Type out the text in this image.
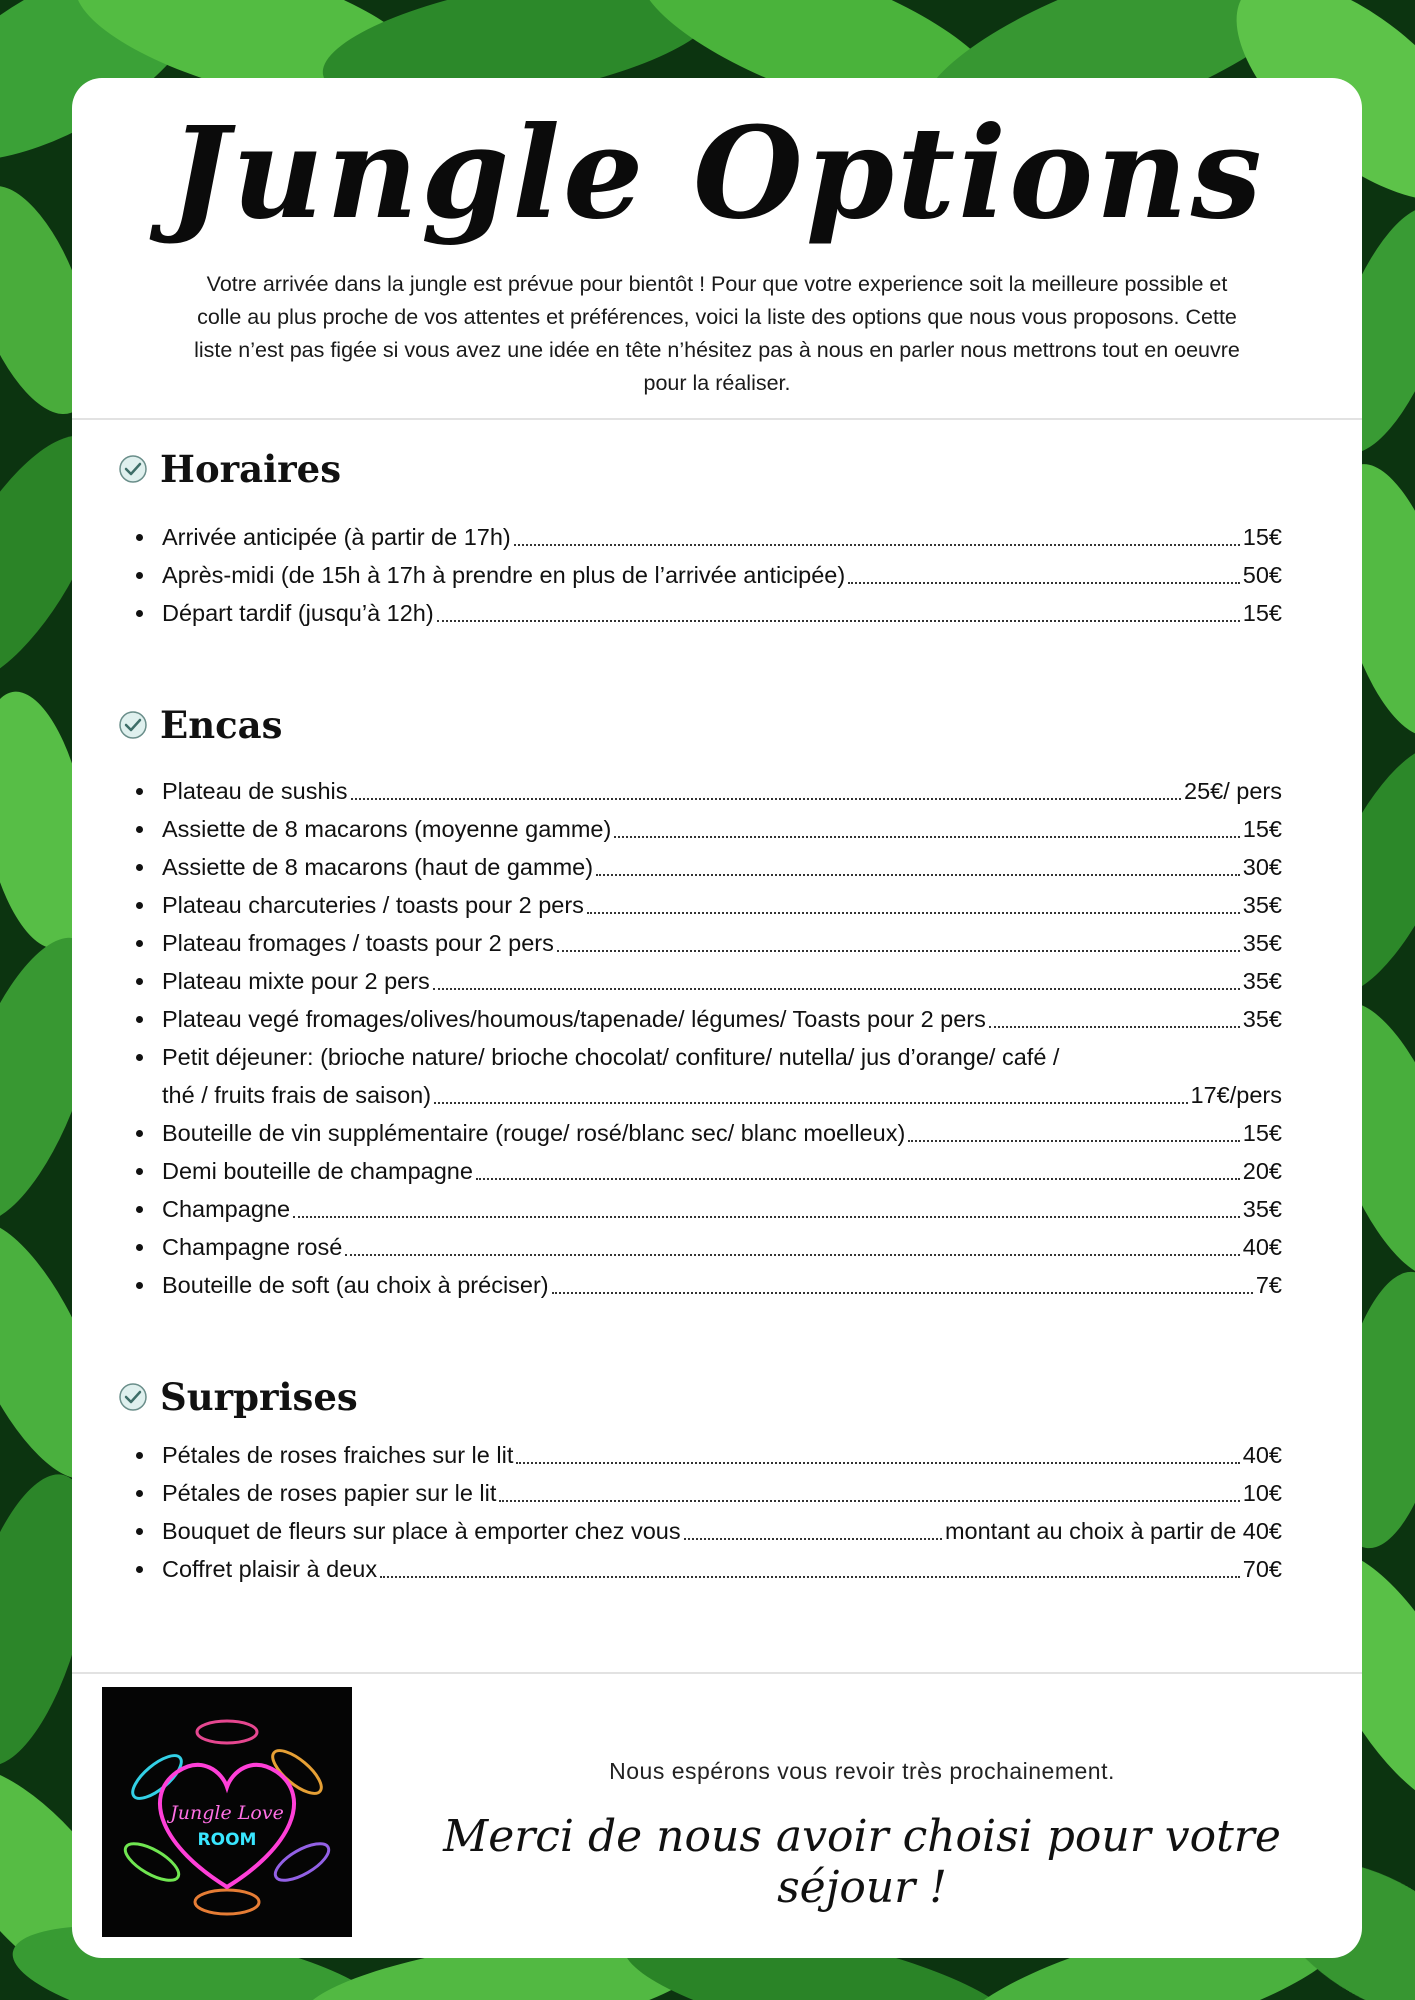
Jungle Options
Votre arrivée dans la jungle est prévue pour bientôt ! Pour que votre experience soit la meilleure possible et colle au plus proche de vos attentes et préférences, voici la liste des options que nous vous proposons. Cette liste n’est pas figée si vous avez une idée en tête n’hésitez pas à nous en parler nous mettrons tout en oeuvre pour la réaliser.
Horaires
Arrivée anticipée (à partir de 17h)	15€
Après-midi (de 15h à 17h à prendre en plus de l’arrivée anticipée)	50€
Départ tardif (jusqu’à 12h)	15€
Encas
Plateau de sushis	25€/ pers
Assiette de 8 macarons (moyenne gamme)	15€
Assiette de 8 macarons (haut de gamme)	30€
Plateau charcuteries / toasts pour 2 pers	35€
Plateau fromages / toasts pour 2 pers	35€
Plateau mixte pour 2 pers	35€
Plateau vegé fromages/olives/houmous/tapenade/ légumes/ Toasts pour 2 pers	35€
Petit déjeuner: (brioche nature/ brioche chocolat/ confiture/ nutella/ jus d’orange/ café /
thé / fruits frais de saison)	17€/pers
Bouteille de vin supplémentaire (rouge/ rosé/blanc sec/ blanc moelleux)	15€
Demi bouteille de champagne	20€
Champagne	35€
Champagne rosé	40€
Bouteille de soft (au choix à préciser)	7€
Surprises
Pétales de roses fraiches sur le lit	40€
Pétales de roses papier sur le lit	10€
Bouquet de fleurs sur place à emporter chez vous	montant au choix à partir de 40€
Coffret plaisir à deux	70€
Jungle Love
ROOM
Nous espérons vous revoir très prochainement.
Merci de nous avoir choisi pour votre séjour !
